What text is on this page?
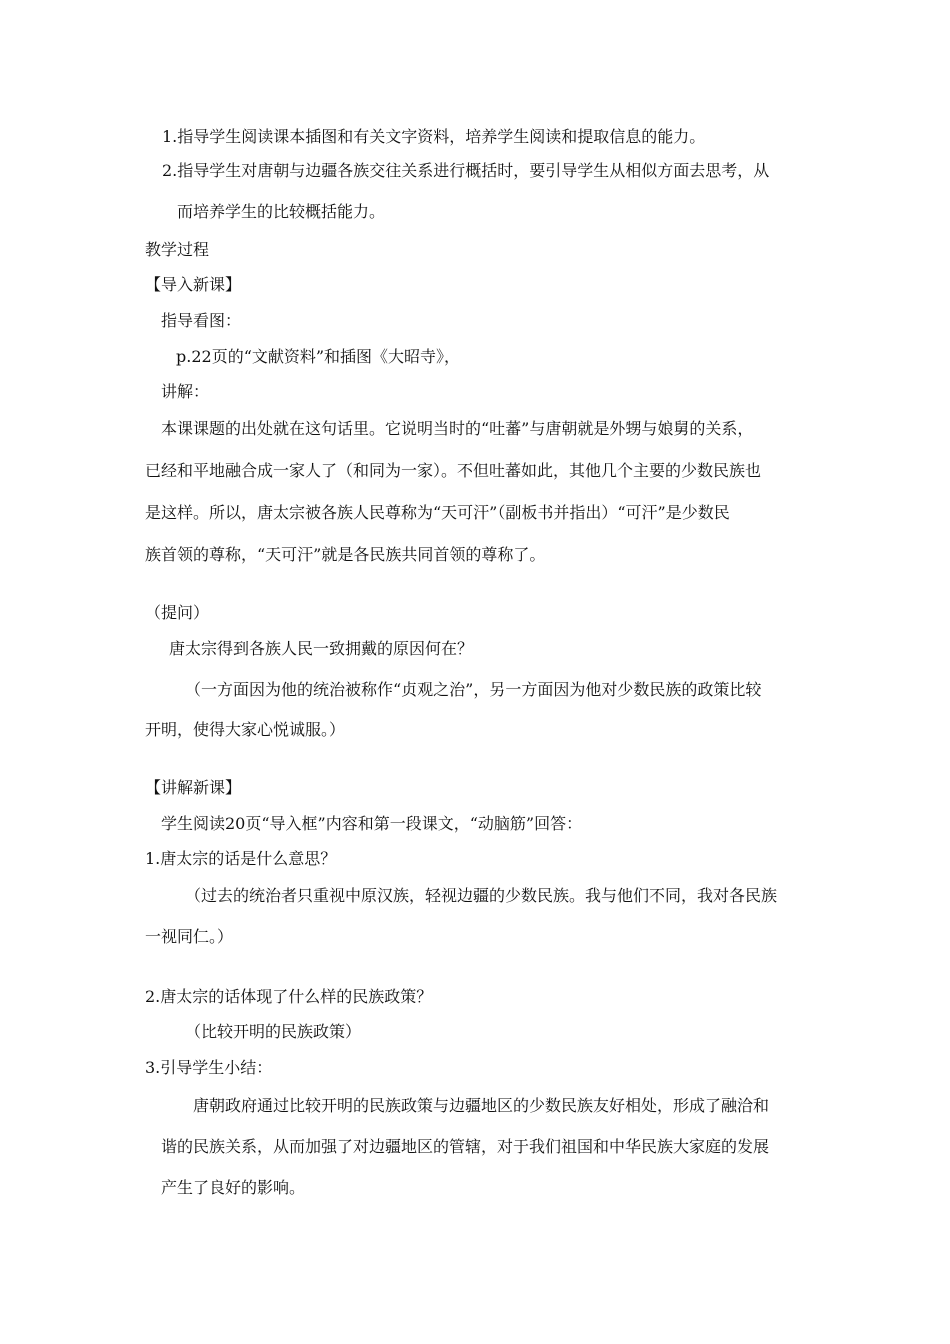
1.指导学生阅读课本插图和有关文字资料，培养学生阅读和提取信息的能力。

2.指导学生对唐朝与边疆各族交往关系进行概括时，要引导学生从相似方面去思考，从

而培养学生的比较概括能力。

教学过程

【导入新课】

指导看图：

p.22页的“文献资料”和插图《大昭寺》，

讲解：

本课课题的出处就在这句话里。它说明当时的“吐蕃”与唐朝就是外甥与娘舅的关系，

已经和平地融合成一家人了（和同为一家）。不但吐蕃如此，其他几个主要的少数民族也

是这样。所以，唐太宗被各族人民尊称为“天可汗”（副板书并指出）“可汗”是少数民

族首领的尊称，“天可汗”就是各民族共同首领的尊称了。

（提问）

唐太宗得到各族人民一致拥戴的原因何在？

（一方面因为他的统治被称作“贞观之治”，另一方面因为他对少数民族的政策比较

开明，使得大家心悦诚服。）

【讲解新课】

学生阅读20页“导入框”内容和第一段课文，“动脑筋”回答：

1.唐太宗的话是什么意思？

（过去的统治者只重视中原汉族，轻视边疆的少数民族。我与他们不同，我对各民族

一视同仁。）

2.唐太宗的话体现了什么样的民族政策？

（比较开明的民族政策）

3.引导学生小结：

唐朝政府通过比较开明的民族政策与边疆地区的少数民族友好相处，形成了融洽和

谐的民族关系，从而加强了对边疆地区的管辖，对于我们祖国和中华民族大家庭的发展

产生了良好的影响。
